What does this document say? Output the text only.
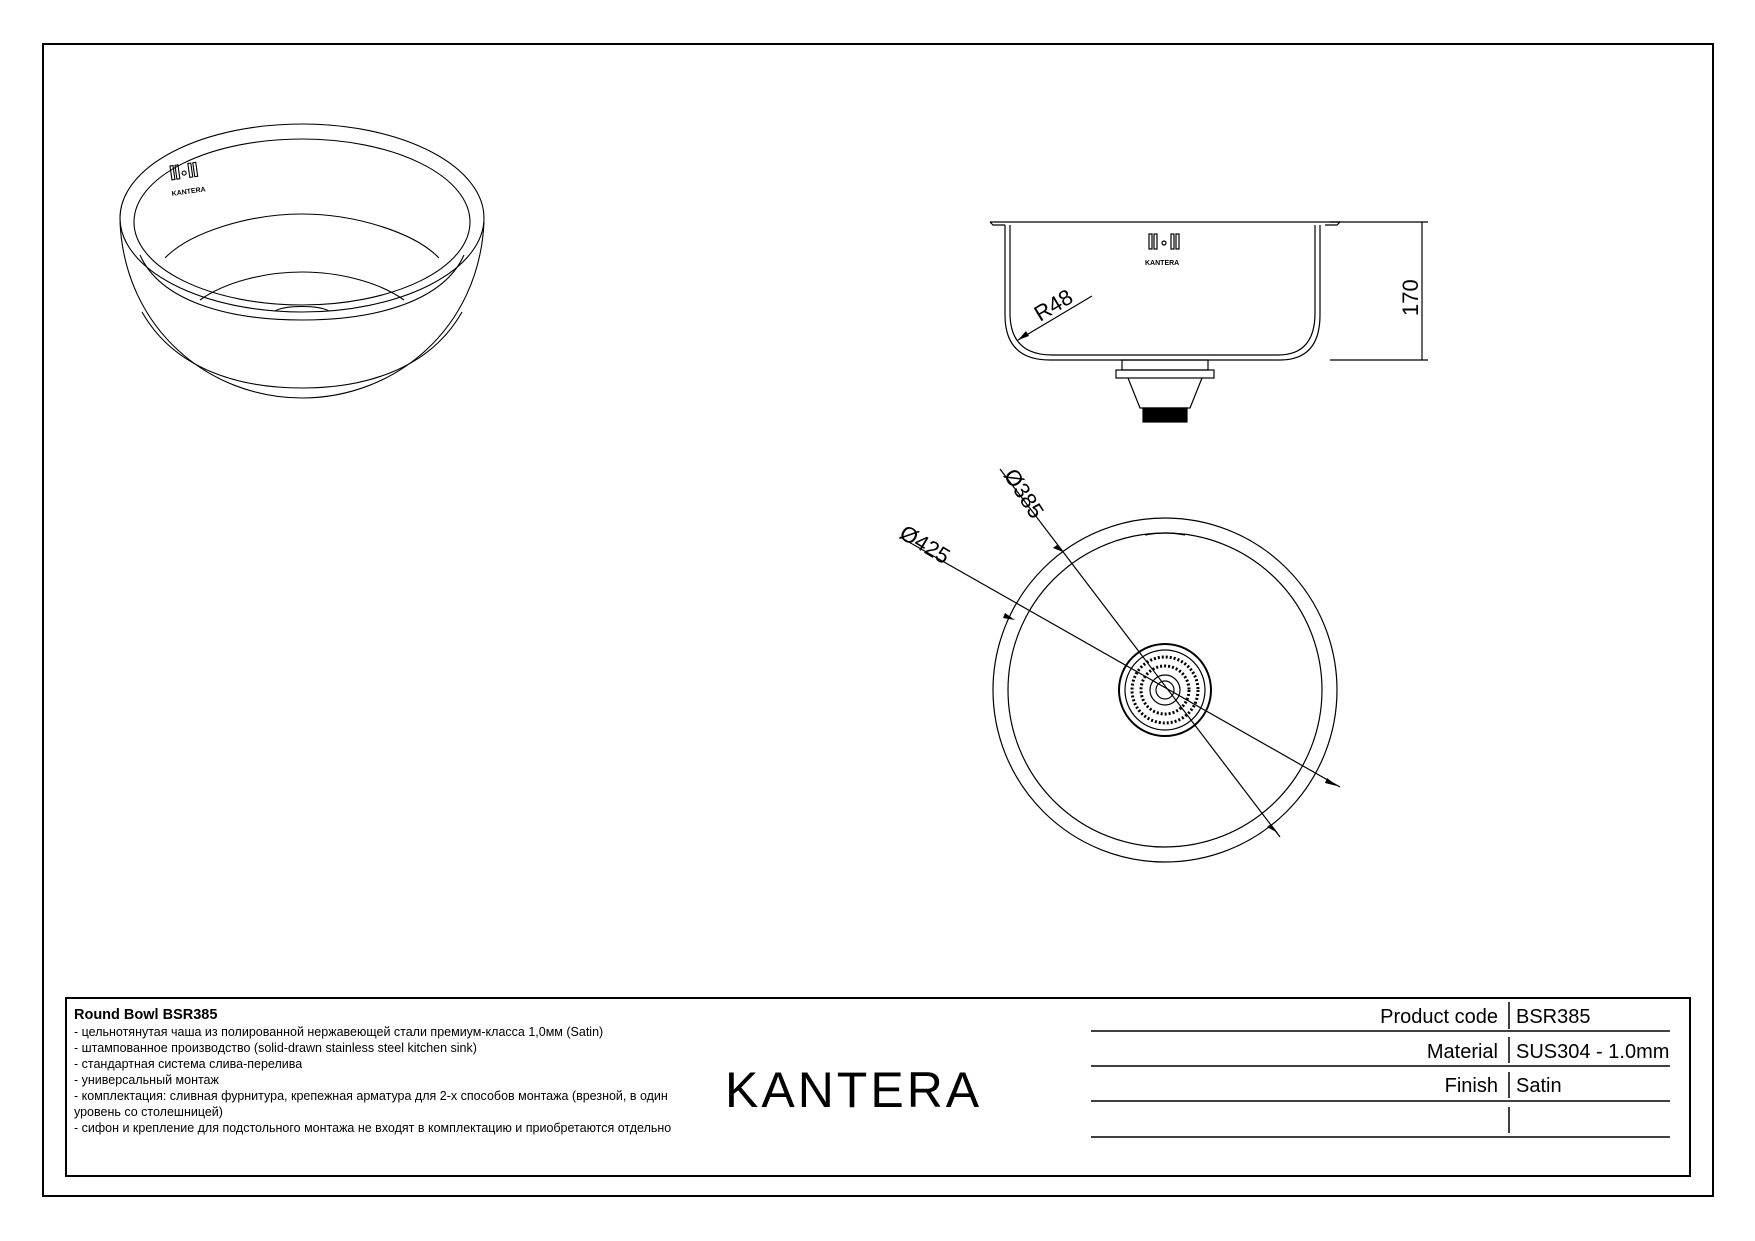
KANTERA
KANTERA
R48	170
Ø385
Ø425
KANTERA
Product code BSR385
Material SUS304 - 1.0mm
Finish Satin
Round Bowl BSR385
- цельнотянутая чаша из полированной нержавеющей стали премиум-класса 1,0мм (Satin)
- штампованное производство (solid-drawn stainless steel kitchen sink)
- стандартная система слива-перелива
- универсальный монтаж
- комплектация: сливная фурнитура, крепежная арматура для 2-х способов монтажа (врезной, в один уровень со столешницей)
- сифон и крепление для подстольного монтажа не входят в комплектацию и приобретаются отдельно
